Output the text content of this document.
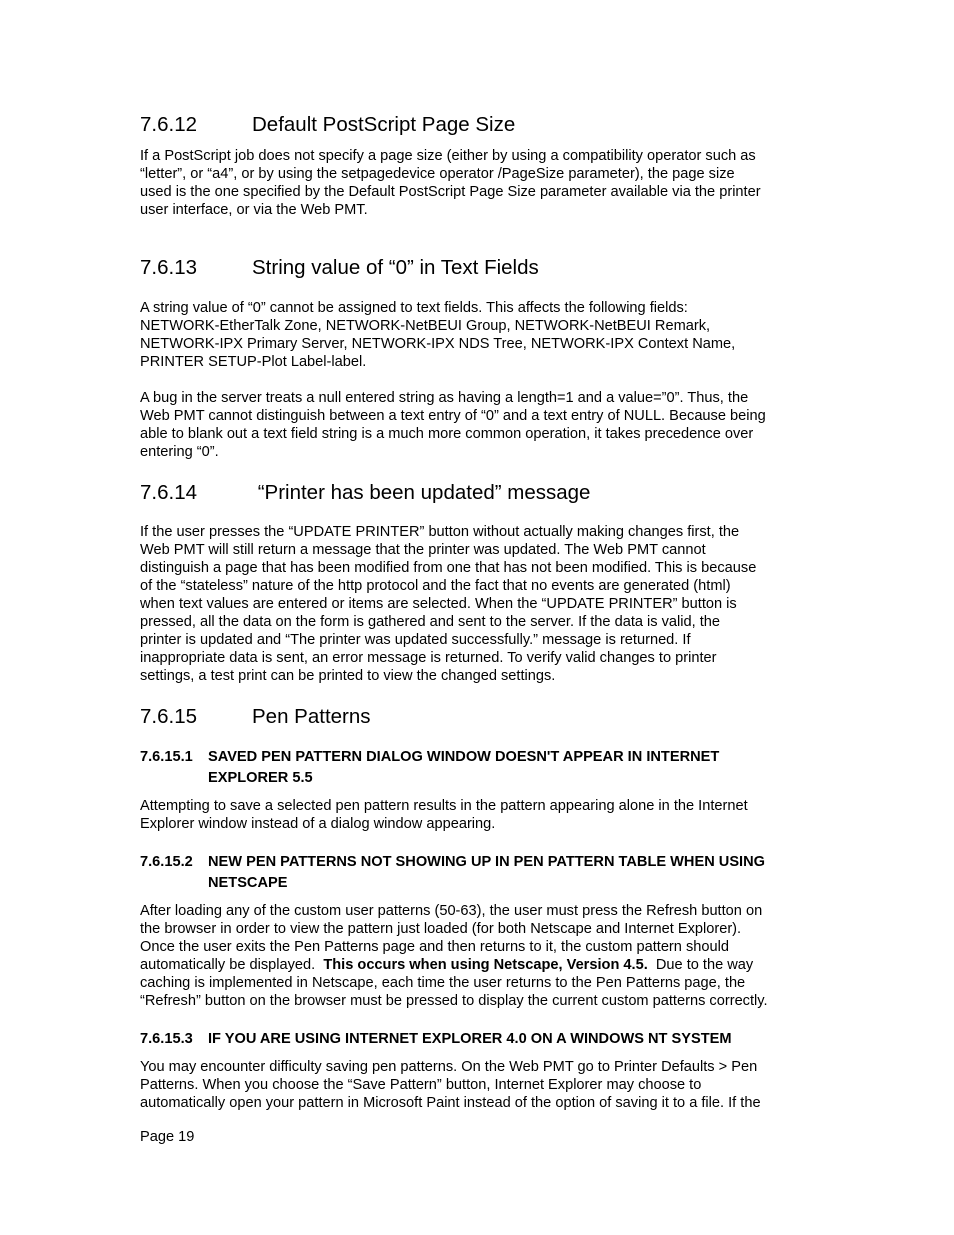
7.6.12	Default PostScript Page Size
If a PostScript job does not specify a page size (either by using a compatibility operator such as
“letter”, or “a4”, or by using the setpagedevice operator /PageSize parameter), the page size
used is the one specified by the Default PostScript Page Size parameter available via the printer
user interface, or via the Web PMT.
7.6.13	String value of “0” in Text Fields
A string value of “0” cannot be assigned to text fields. This affects the following fields:
NETWORK-EtherTalk Zone, NETWORK-NetBEUI Group, NETWORK-NetBEUI Remark,
NETWORK-IPX Primary Server, NETWORK-IPX NDS Tree, NETWORK-IPX Context Name,
PRINTER SETUP-Plot Label-label.
A bug in the server treats a null entered string as having a length=1 and a value=”0”. Thus, the
Web PMT cannot distinguish between a text entry of “0” and a text entry of NULL. Because being
able to blank out a text field string is a much more common operation, it takes precedence over
entering “0”.
7.6.14	“Printer has been updated” message
If the user presses the “UPDATE PRINTER” button without actually making changes first, the
Web PMT will still return a message that the printer was updated. The Web PMT cannot
distinguish a page that has been modified from one that has not been modified. This is because
of the “stateless” nature of the http protocol and the fact that no events are generated (html)
when text values are entered or items are selected. When the “UPDATE PRINTER” button is
pressed, all the data on the form is gathered and sent to the server. If the data is valid, the
printer is updated and “The printer was updated successfully.” message is returned. If
inappropriate data is sent, an error message is returned. To verify valid changes to printer
settings, a test print can be printed to view the changed settings.
7.6.15	Pen Patterns
7.6.15.1 SAVED PEN PATTERN DIALOG WINDOW DOESN'T APPEAR IN INTERNET
EXPLORER 5.5
Attempting to save a selected pen pattern results in the pattern appearing alone in the Internet
Explorer window instead of a dialog window appearing.
7.6.15.2 NEW PEN PATTERNS NOT SHOWING UP IN PEN PATTERN TABLE WHEN USING
NETSCAPE
After loading any of the custom user patterns (50-63), the user must press the Refresh button on
the browser in order to view the pattern just loaded (for both Netscape and Internet Explorer).
Once the user exits the Pen Patterns page and then returns to it, the custom pattern should
automatically be displayed.  This occurs when using Netscape, Version 4.5.  Due to the way
caching is implemented in Netscape, each time the user returns to the Pen Patterns page, the
“Refresh” button on the browser must be pressed to display the current custom patterns correctly.
7.6.15.3 IF YOU ARE USING INTERNET EXPLORER 4.0 ON A WINDOWS NT SYSTEM
You may encounter difficulty saving pen patterns. On the Web PMT go to Printer Defaults > Pen
Patterns. When you choose the “Save Pattern” button, Internet Explorer may choose to
automatically open your pattern in Microsoft Paint instead of the option of saving it to a file. If the
Page 19
